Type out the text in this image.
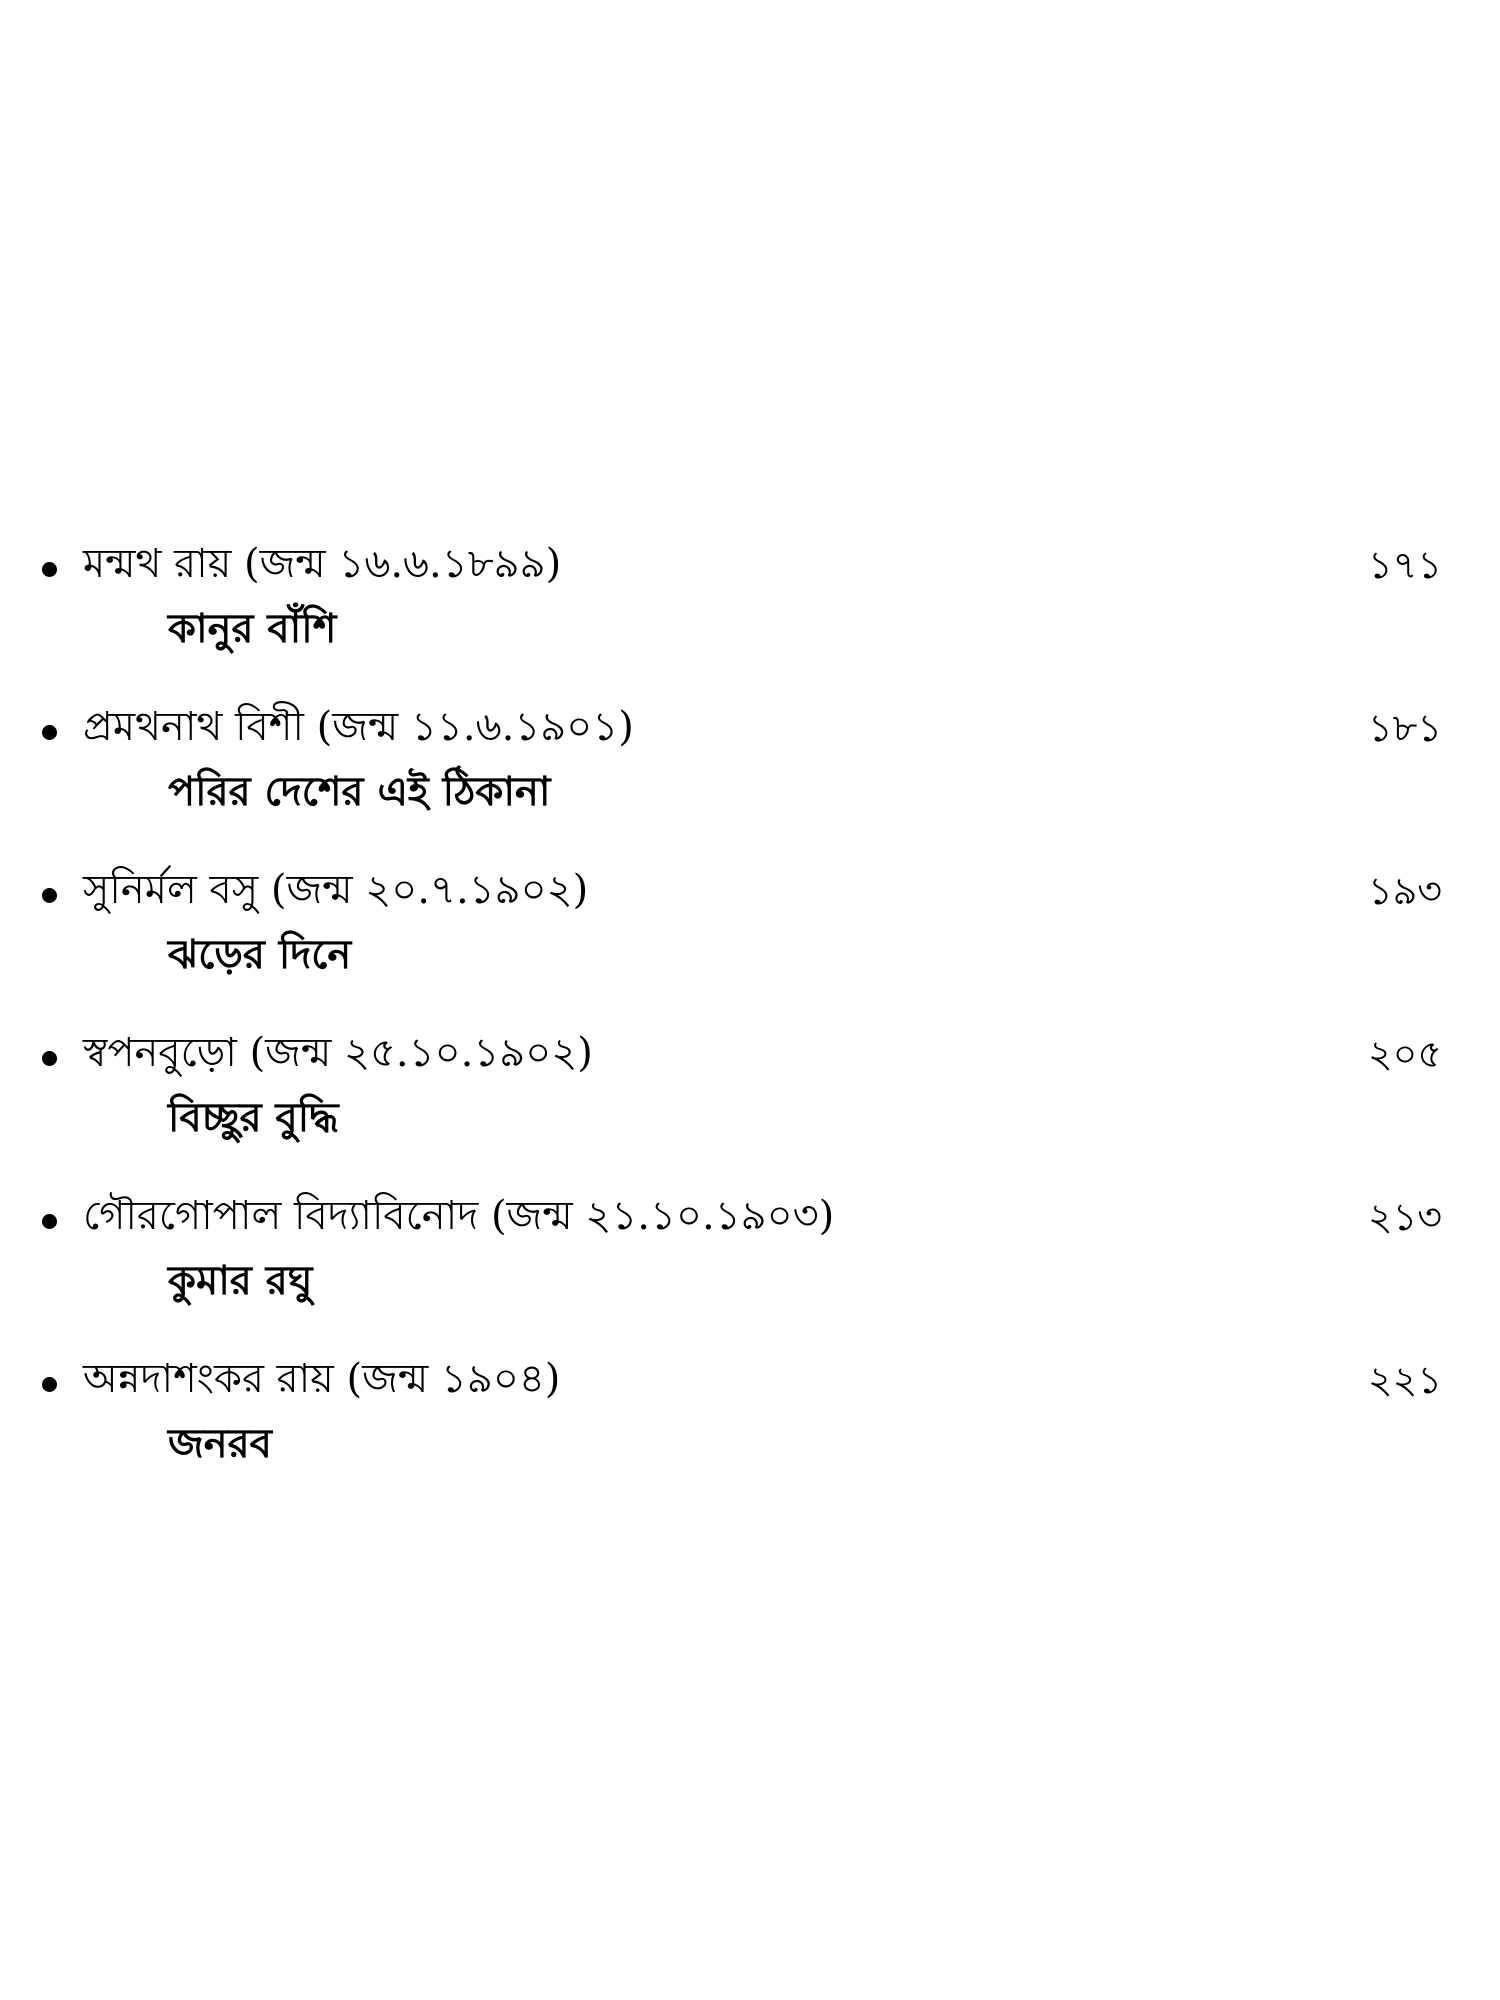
মন্মথ রায় (জন্ম ১৬.৬.১৮৯৯)	১৭১
কানুর বাঁশি
প্রমথনাথ বিশী (জন্ম ১১.৬.১৯০১)	১৮১
পরির দেশের এই ঠিকানা
সুনির্মল বসু (জন্ম ২০.৭.১৯০২)	১৯৩
ঝড়ের দিনে
স্বপনবুড়ো (জন্ম ২৫.১০.১৯০২)	২০৫
বিচ্ছুর বুদ্ধি
গৌরগোপাল বিদ্যাবিনোদ (জন্ম ২১.১০.১৯০৩)	২১৩
কুমার রঘু
অন্নদাশংকর রায় (জন্ম ১৯০৪)	২২১
জনরব
